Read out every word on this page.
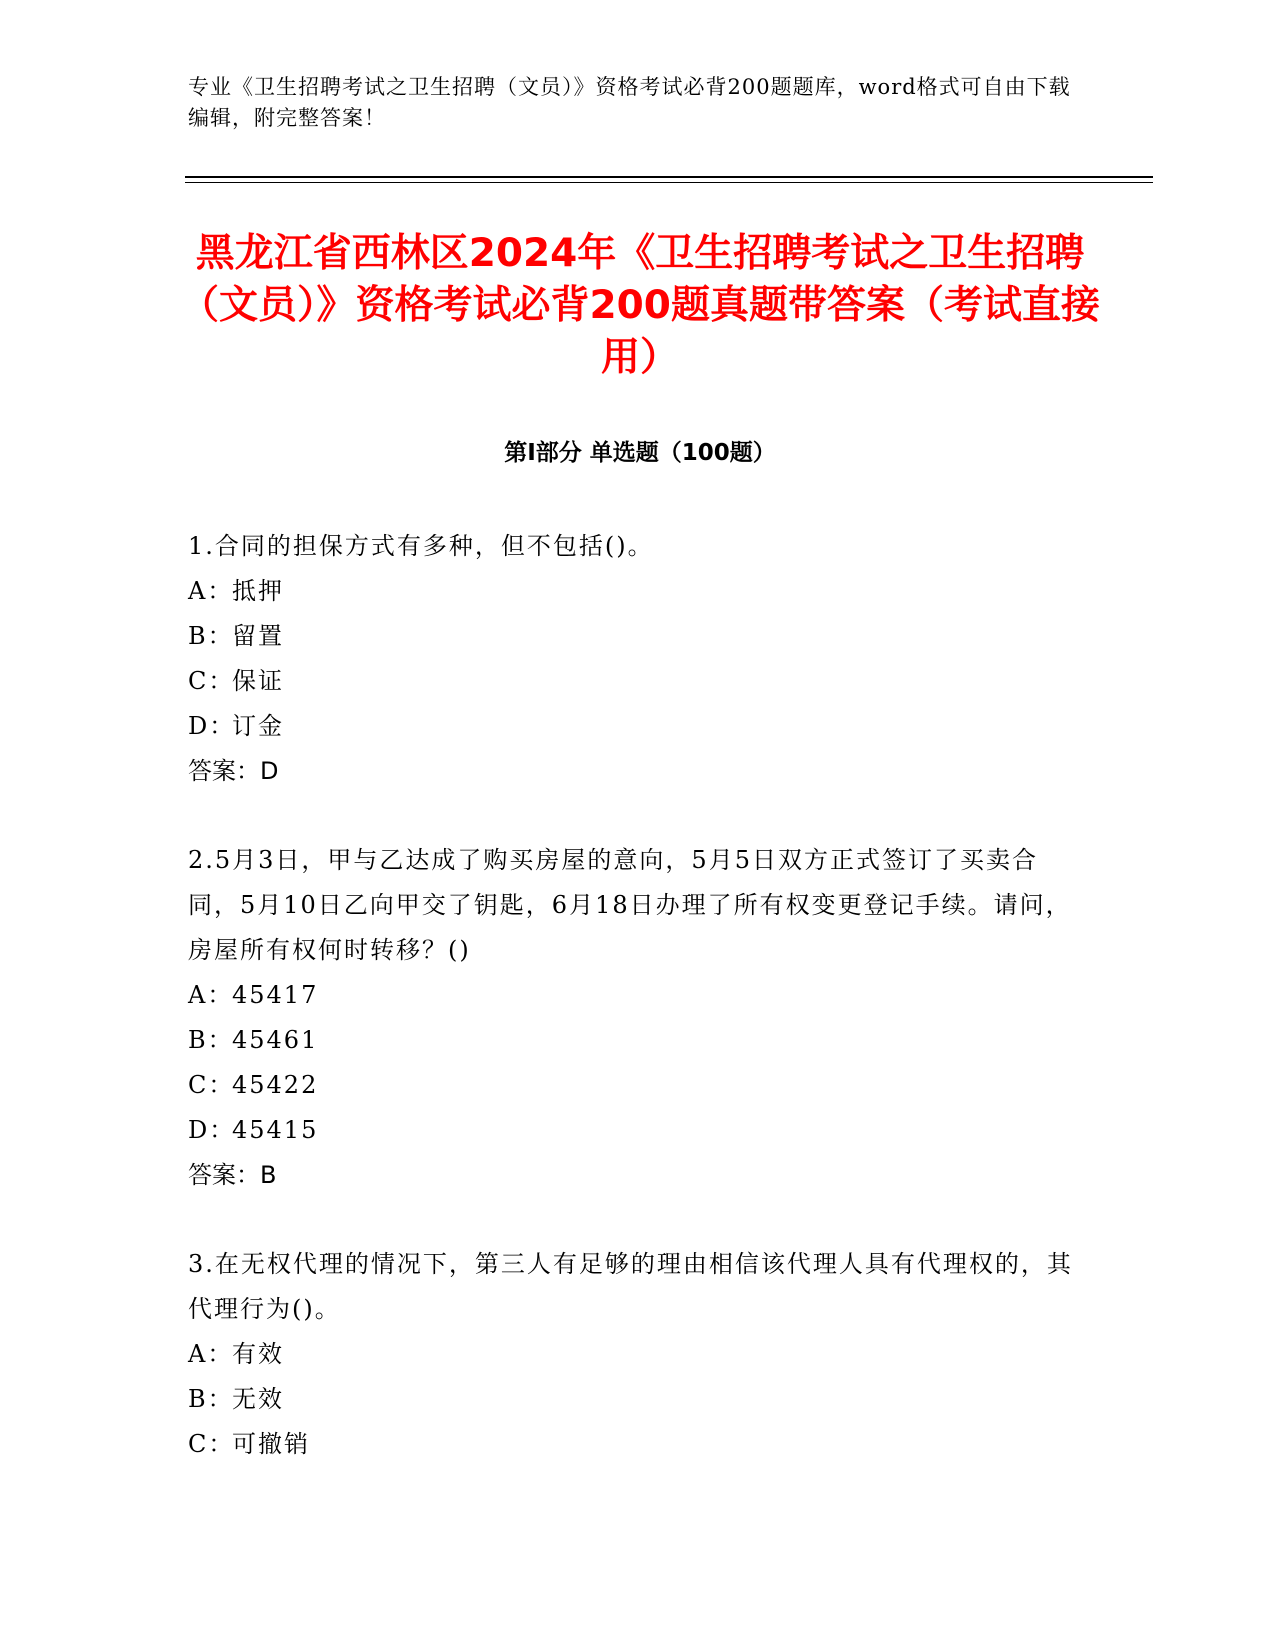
专业《卫生招聘考试之卫生招聘（文员）》资格考试必背200题题库，word格式可自由下载编辑，附完整答案！
黑龙江省西林区2024年《卫生招聘考试之卫生招聘（文员）》资格考试必背200题真题带答案（考试直接用）
第Ⅰ部分 单选题（100题）

1.合同的担保方式有多种，但不包括()。

A：抵押

B：留置

C：保证

D：订金

答案：D

2.5月3日，甲与乙达成了购买房屋的意向，5月5日双方正式签订了买卖合同，5月10日乙向甲交了钥匙，6月18日办理了所有权变更登记手续。请问，房屋所有权何时转移？()

A：45417

B：45461

C：45422

D：45415

答案：B

3.在无权代理的情况下，第三人有足够的理由相信该代理人具有代理权的，其代理行为()。

A：有效

B：无效

C：可撤销
